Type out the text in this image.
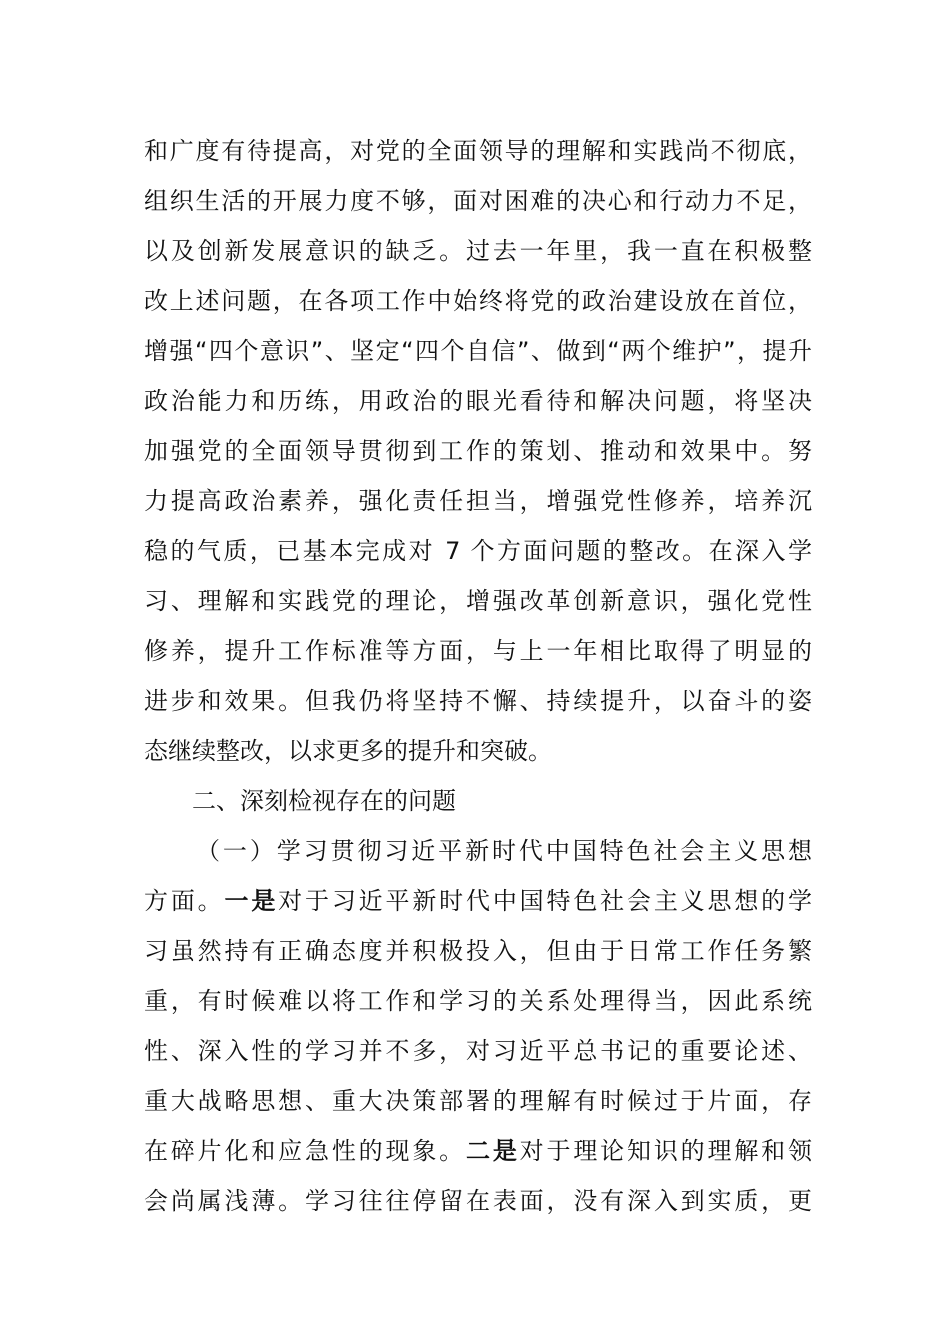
和广度有待提高，对党的全面领导的理解和实践尚不彻底，
组织生活的开展力度不够，面对困难的决心和行动力不足，
以及创新发展意识的缺乏。过去一年里，我一直在积极整
改上述问题，在各项工作中始终将党的政治建设放在首位，
增强“四个意识”、坚定“四个自信”、做到“两个维护”，提升
政治能力和历练，用政治的眼光看待和解决问题，将坚决
加强党的全面领导贯彻到工作的策划、推动和效果中。努
力提高政治素养，强化责任担当，增强党性修养，培养沉
稳的气质，已基本完成对 7 个方面问题的整改。在深入学
习、理解和实践党的理论，增强改革创新意识，强化党性
修养，提升工作标准等方面，与上一年相比取得了明显的
进步和效果。但我仍将坚持不懈、持续提升，以奋斗的姿
态继续整改，以求更多的提升和突破。
二、深刻检视存在的问题
（一）学习贯彻习近平新时代中国特色社会主义思想
方面。一是对于习近平新时代中国特色社会主义思想的学
习虽然持有正确态度并积极投入，但由于日常工作任务繁
重，有时候难以将工作和学习的关系处理得当，因此系统
性、深入性的学习并不多，对习近平总书记的重要论述、
重大战略思想、重大决策部署的理解有时候过于片面，存
在碎片化和应急性的现象。二是对于理论知识的理解和领
会尚属浅薄。学习往往停留在表面，没有深入到实质，更
